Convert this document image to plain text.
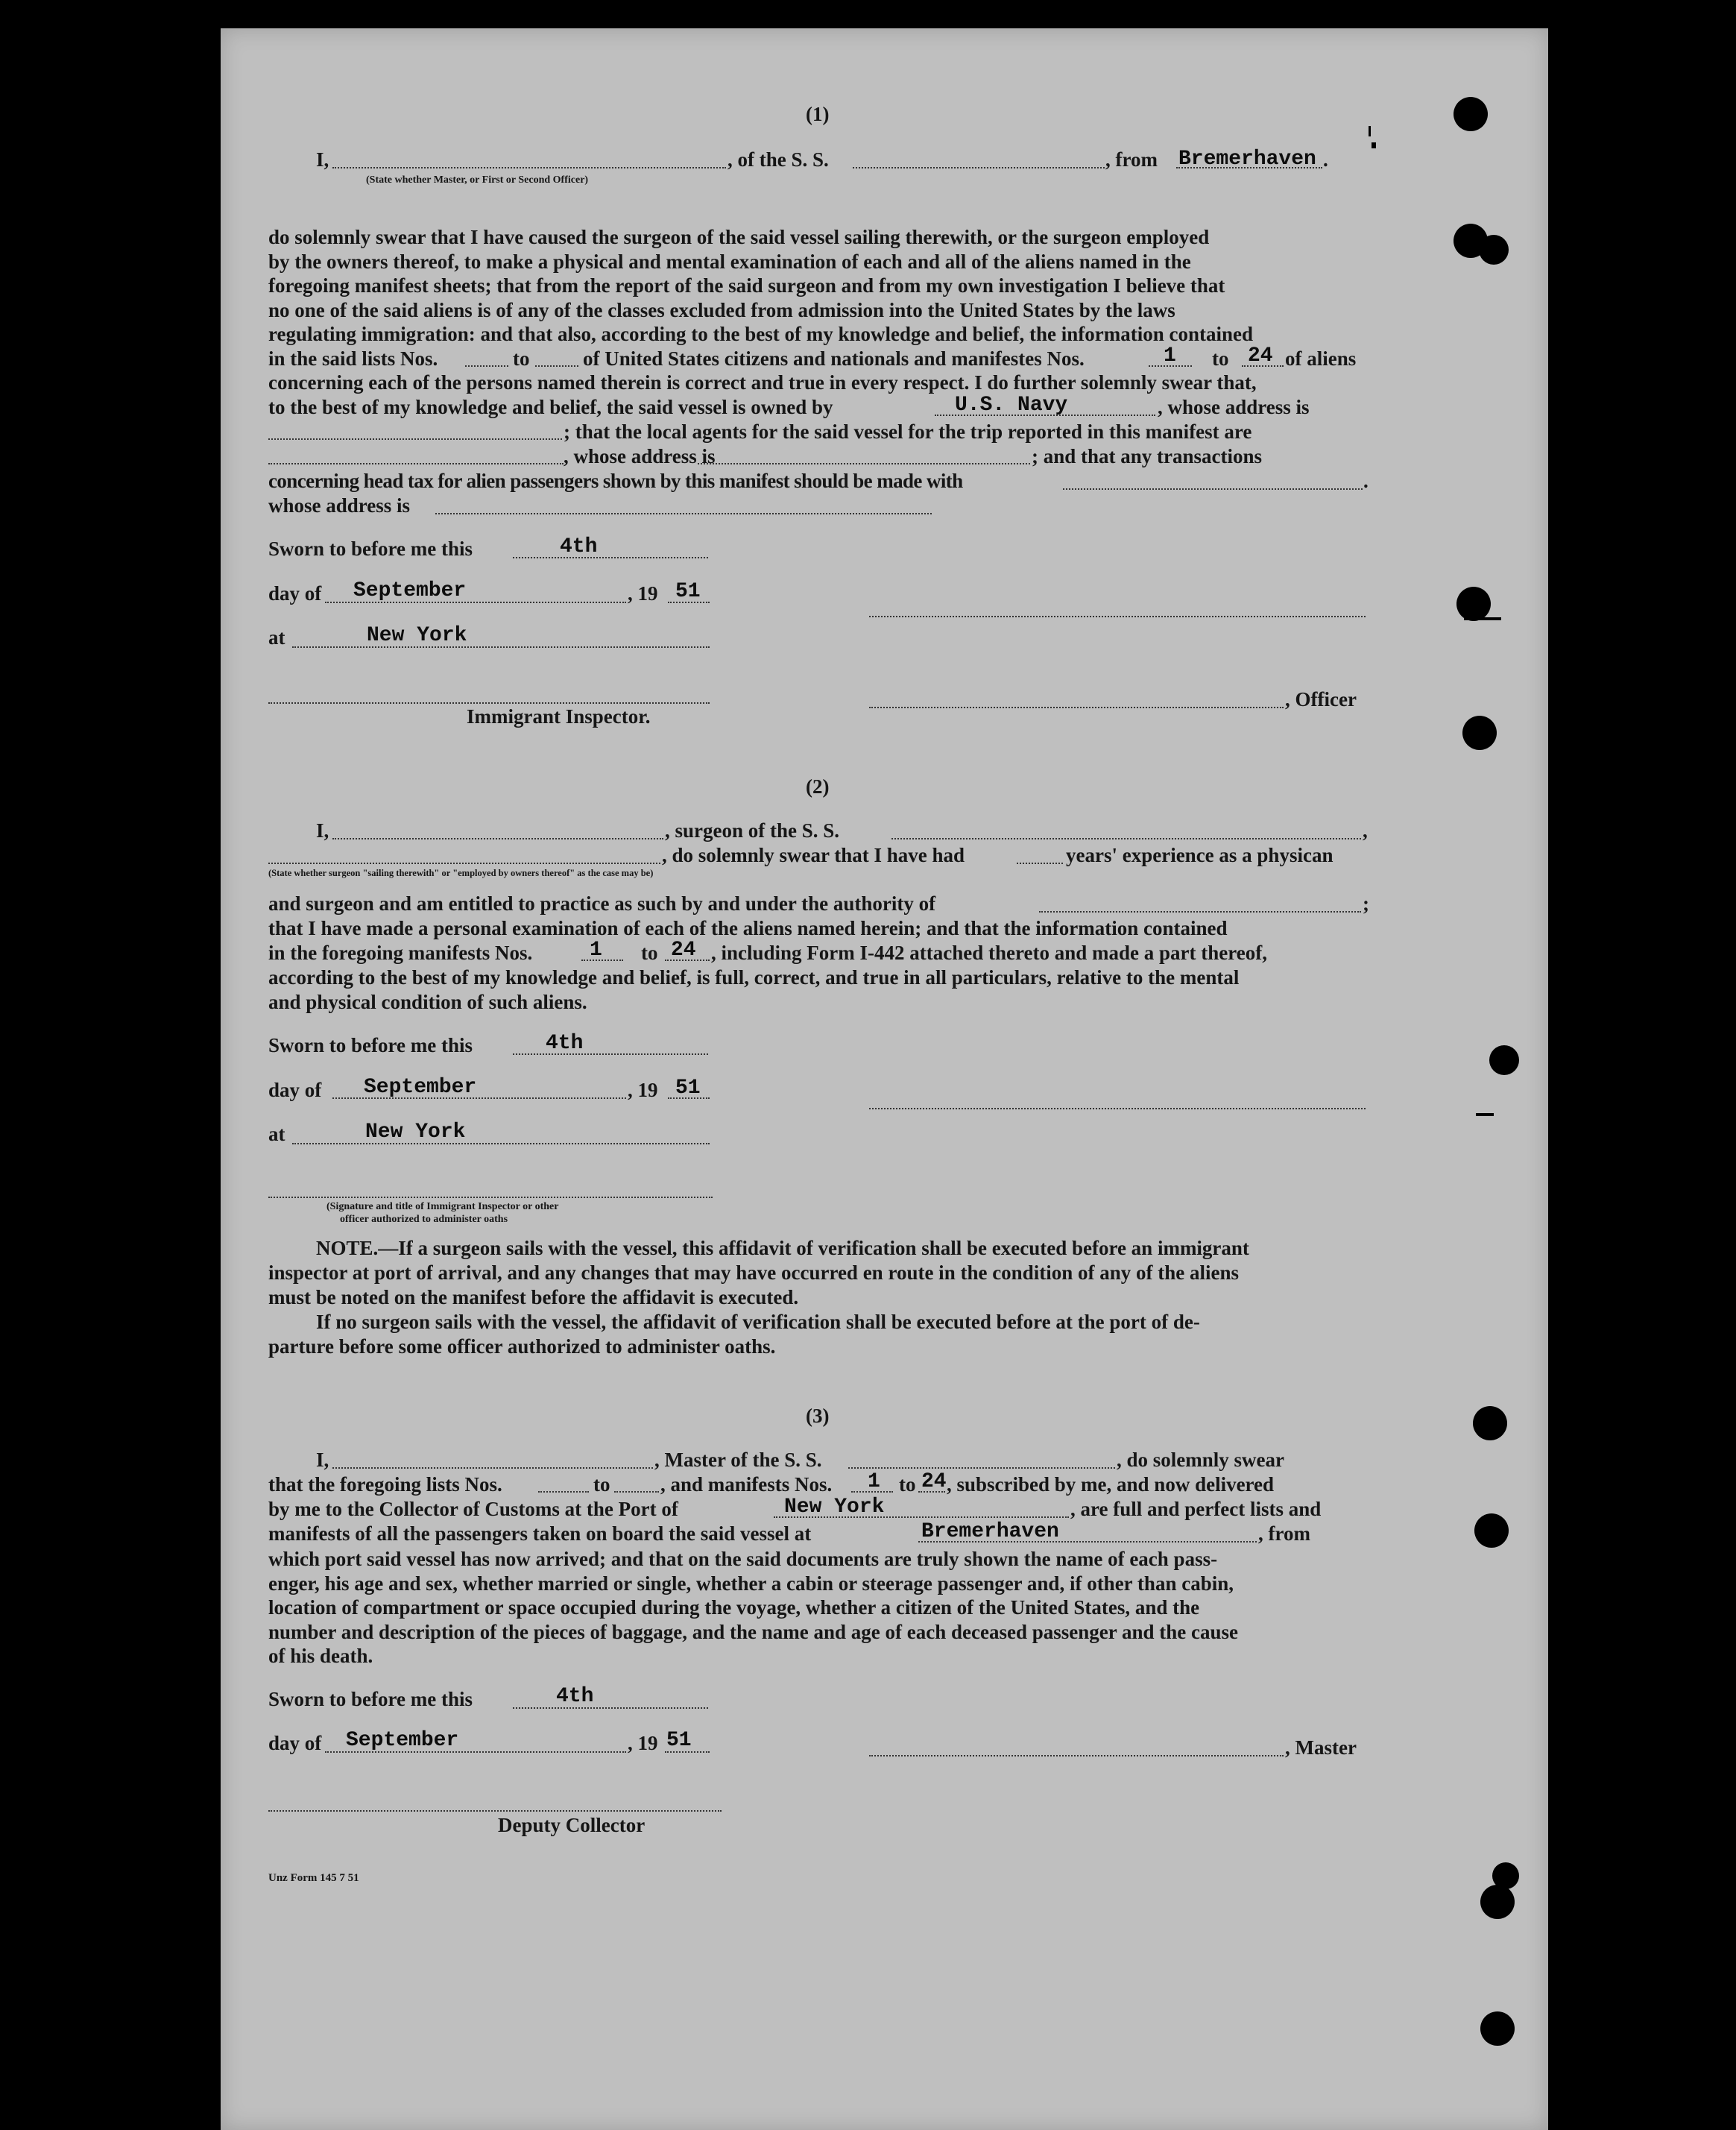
(1)
I,
(State whether Master, or First or Second Officer)
, of the S. S.	, from Bremerhaven .
do solemnly swear that I have caused the surgeon of the said vessel sailing therewith, or the surgeon employed
by the owners thereof, to make a physical and mental examination of each and all of the aliens named in the
foregoing manifest sheets; that from the report of the said surgeon and from my own investigation I believe that
no one of the said aliens is of any of the classes excluded from admission into the United States by the laws
regulating immigration: and that also, according to the best of my knowledge and belief, the information contained
in the said lists Nos.	to	of United States citizens and nationals and manifestes Nos.	1 to 24 of aliens
concerning each of the persons named therein is correct and true in every respect. I do further solemnly swear that,
to the best of my knowledge and belief, the said vessel is owned by	U.S. Navy	, whose address is
; that the local agents for the said vessel for the trip reported in this manifest are
, whose address is	; and that any transactions
concerning head tax for alien passengers shown by this manifest should be made with	.
whose address is
Sworn to before me this	4th
day of September	, 19 51
at	New York
, Officer
Immigrant Inspector.
(2)
I,	, surgeon of the S. S.	,
, do solemnly swear that I have had	years' experience as a physican
(State whether surgeon "sailing therewith" or "employed by owners thereof" as the case may be)
and surgeon and am entitled to practice as such by and under the authority of	;
that I have made a personal examination of each of the aliens named herein; and that the information contained
in the foregoing manifests Nos.	1 to 24 , including Form I-442 attached thereto and made a part thereof,
according to the best of my knowledge and belief, is full, correct, and true in all particulars, relative to the mental
and physical condition of such aliens.
Sworn to before me this	4th
day of September	, 19 51
at	New York
(Signature and title of Immigrant Inspector or other
officer authorized to administer oaths
NOTE.—If a surgeon sails with the vessel, this affidavit of verification shall be executed before an immigrant
inspector at port of arrival, and any changes that may have occurred en route in the condition of any of the aliens
must be noted on the manifest before the affidavit is executed.
If no surgeon sails with the vessel, the affidavit of verification shall be executed before at the port of de-
parture before some officer authorized to administer oaths.
(3)
I,	, Master of the S. S.	, do solemnly swear
that the foregoing lists Nos.	to	, and manifests Nos. 1 to 24 , subscribed by me, and now delivered
by me to the Collector of Customs at the Port of	New York	, are full and perfect lists and
manifests of all the passengers taken on board the said vessel at	Bremerhaven	, from
which port said vessel has now arrived; and that on the said documents are truly shown the name of each pass-
enger, his age and sex, whether married or single, whether a cabin or steerage passenger and, if other than cabin,
location of compartment or space occupied during the voyage, whether a citizen of the United States, and the
number and description of the pieces of baggage, and the name and age of each deceased passenger and the cause
of his death.
Sworn to before me this	4th
day of September	, 19 51	, Master
Deputy Collector
Unz Form 145 7 51
